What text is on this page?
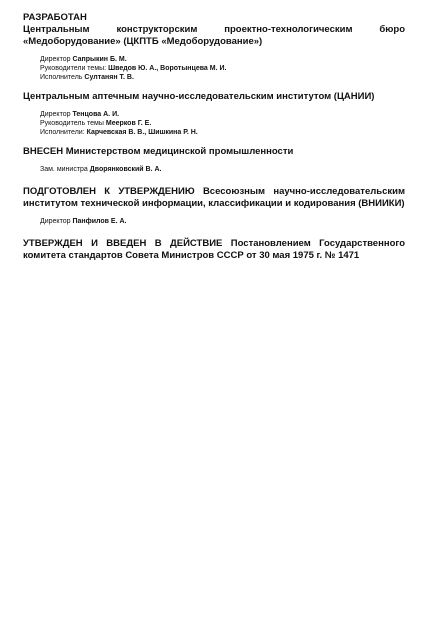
РАЗРАБОТАН
Центральным конструкторским проектно-технологическим бюро «Медоборудование» (ЦКПТБ «Медоборудование»)
Директор Сапрыкин Б. М.
Руководители темы: Шведов Ю. А., Воротынцева М. И.
Исполнитель Султанян Т. В.
Центральным аптечным научно-исследовательским институтом (ЦАНИИ)
Директор Тенцова А. И.
Руководитель темы Меерков Г. Е.
Исполнители: Карчевская В. В., Шишкина Р. Н.
ВНЕСЕН Министерством медицинской промышленности
Зам. министра Дворянковский В. А.
ПОДГОТОВЛЕН К УТВЕРЖДЕНИЮ Всесоюзным научно-исследовательским институтом технической информации, классификации и кодирования (ВНИИКИ)
Директор Панфилов Е. А.
УТВЕРЖДЕН И ВВЕДЕН В ДЕЙСТВИЕ Постановлением Государственного комитета стандартов Совета Министров СССР от 30 мая 1975 г. № 1471
